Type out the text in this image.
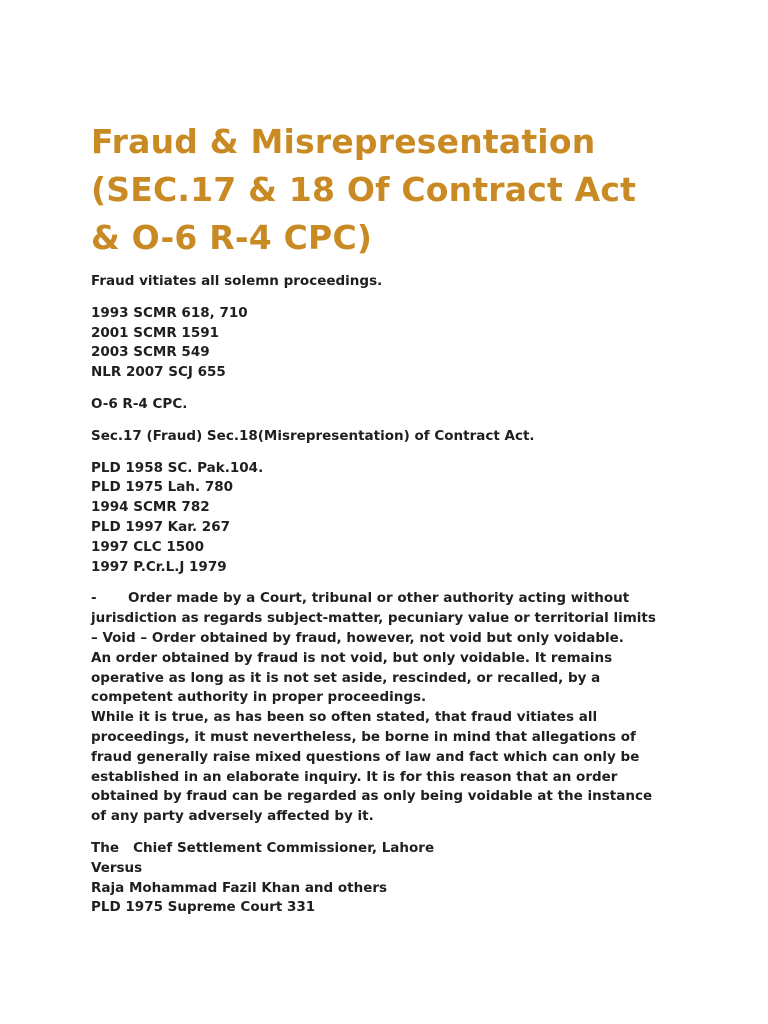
Fraud & Misrepresentation
(SEC.17 & 18 Of Contract Act
& O-6 R-4 CPC)

Fraud vitiates all solemn proceedings.

1993 SCMR 618, 710
2001 SCMR 1591
2003 SCMR 549
NLR 2007 SCJ 655

O-6 R-4 CPC.

Sec.17 (Fraud) Sec.18(Misrepresentation) of Contract Act.

PLD 1958 SC. Pak.104.
PLD 1975 Lah. 780
1994 SCMR 782
PLD 1997 Kar. 267
1997 CLC 1500
1997 P.Cr.L.J 1979

- Order made by a Court, tribunal or other authority acting without
jurisdiction as regards subject-matter, pecuniary value or territorial limits
– Void – Order obtained by fraud, however, not void but only voidable.
An order obtained by fraud is not void, but only voidable. It remains
operative as long as it is not set aside, rescinded, or recalled, by a
competent authority in proper proceedings.
While it is true, as has been so often stated, that fraud vitiates all
proceedings, it must nevertheless, be borne in mind that allegations of
fraud generally raise mixed questions of law and fact which can only be
established in an elaborate inquiry. It is for this reason that an order
obtained by fraud can be regarded as only being voidable at the instance
of any party adversely affected by it.

The   Chief Settlement Commissioner, Lahore
Versus
Raja Mohammad Fazil Khan and others
PLD 1975 Supreme Court 331
